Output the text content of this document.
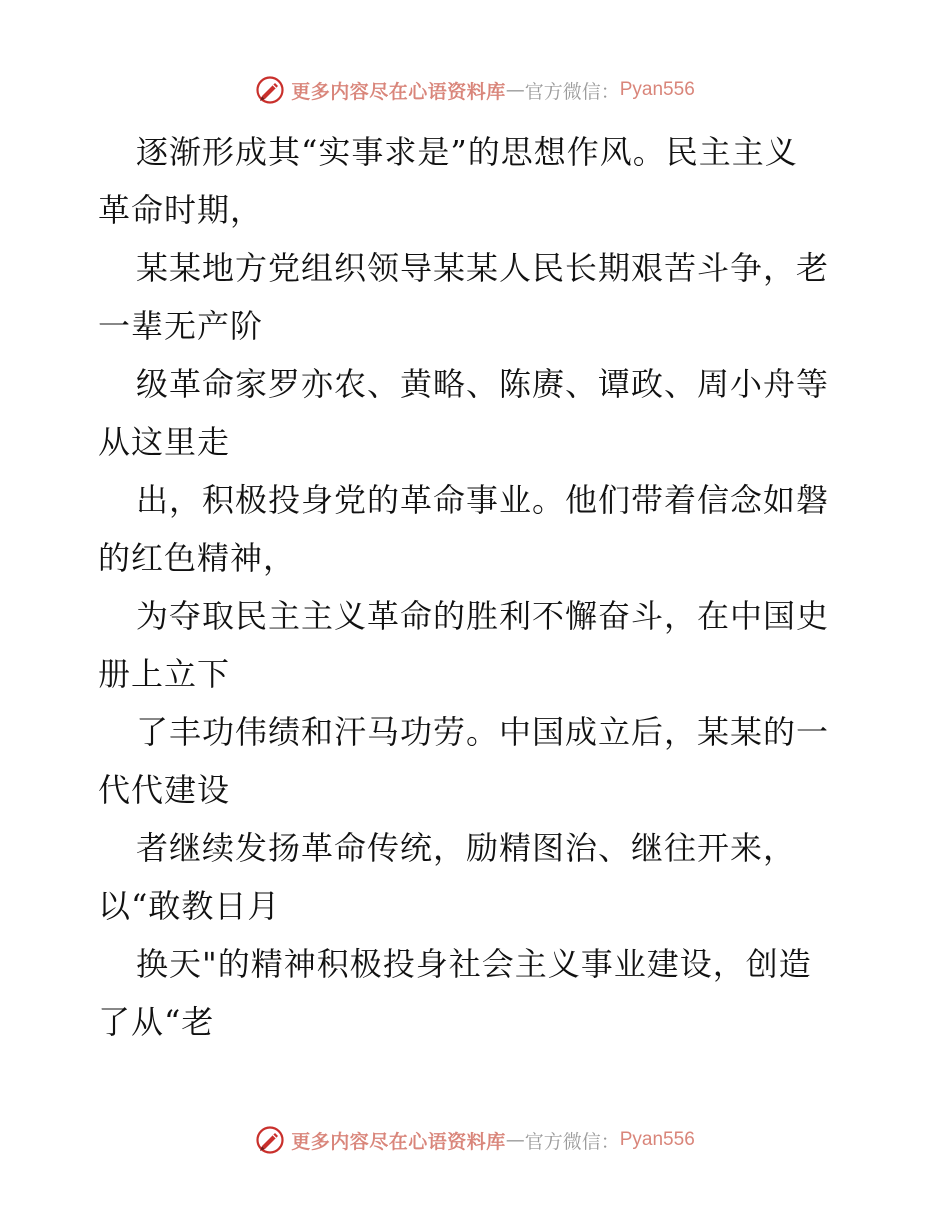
更多内容尽在心语资料库 — 官方微信： Pyan556
逐渐形成其“实事求是”的思想作风。民主主义
革命时期，
某某地方党组织领导某某人民长期艰苦斗争，老
一辈无产阶
级革命家罗亦农、黄略、陈赓、谭政、周小舟等
从这里走
出，积极投身党的革命事业。他们带着信念如磐
的红色精神，
为夺取民主主义革命的胜利不懈奋斗，在中国史
册上立下
了丰功伟绩和汗马功劳。中国成立后，某某的一
代代建设
者继续发扬革命传统，励精图治、继往开来，
以“敢教日月
换天"的精神积极投身社会主义事业建设，创造
了从“老
更多内容尽在心语资料库 — 官方微信： Pyan556
